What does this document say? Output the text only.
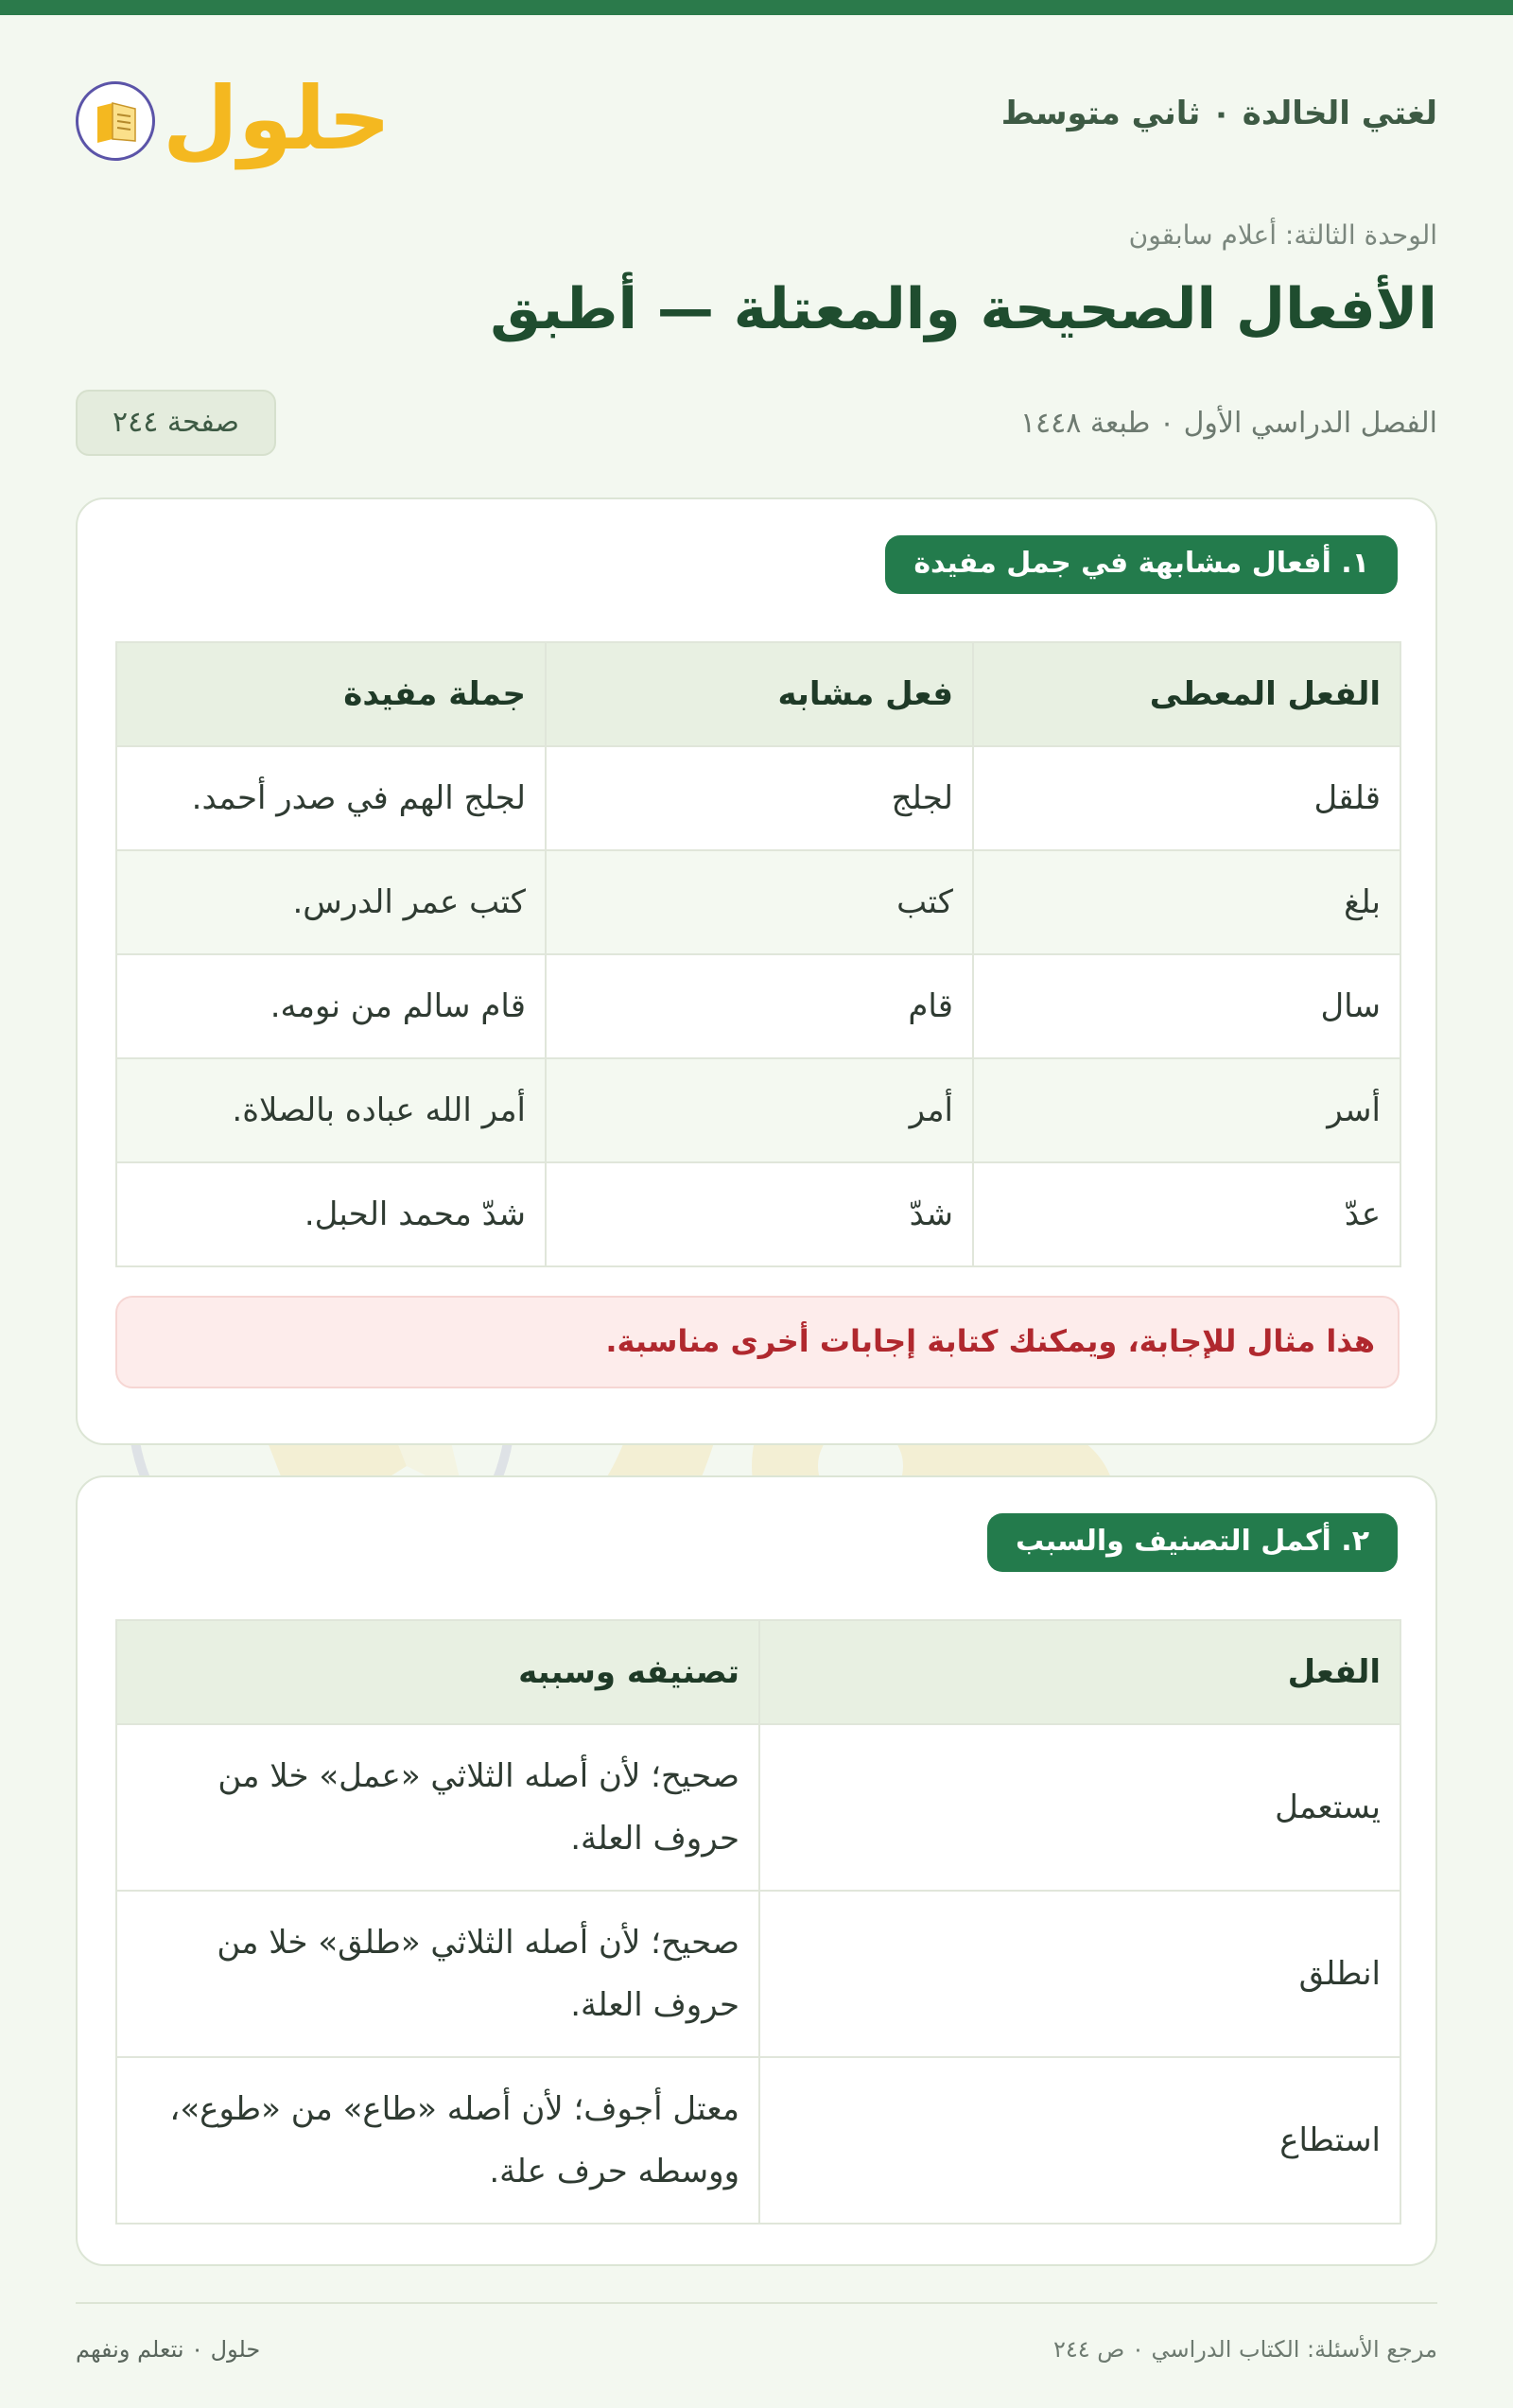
لغتي الخالدة ٠ ثاني متوسط
حلول
الوحدة الثالثة: أعلام سابقون
الأفعال الصحيحة والمعتلة — أطبق
الفصل الدراسي الأول ٠ طبعة ١٤٤٨
صفحة ٢٤٤
١. أفعال مشابهة في جمل مفيدة
الفعل المعطى	فعل مشابه	جملة مفيدة
قلقل	لجلج	لجلج الهم في صدر أحمد.
بلغ	كتب	كتب عمر الدرس.
سال	قام	قام سالم من نومه.
أسر	أمر	أمر الله عباده بالصلاة.
عدّ	شدّ	شدّ محمد الحبل.
هذا مثال للإجابة، ويمكنك كتابة إجابات أخرى مناسبة.
٢. أكمل التصنيف والسبب
الفعل	تصنيفه وسببه
يستعمل	صحيح؛ لأن أصله الثلاثي «عمل» خلا من حروف العلة.
انطلق	صحيح؛ لأن أصله الثلاثي «طلق» خلا من حروف العلة.
استطاع	معتل أجوف؛ لأن أصله «طاع» من «طوع»، ووسطه حرف علة.
مرجع الأسئلة: الكتاب الدراسي ٠ ص ٢٤٤
حلول ٠ نتعلم ونفهم
